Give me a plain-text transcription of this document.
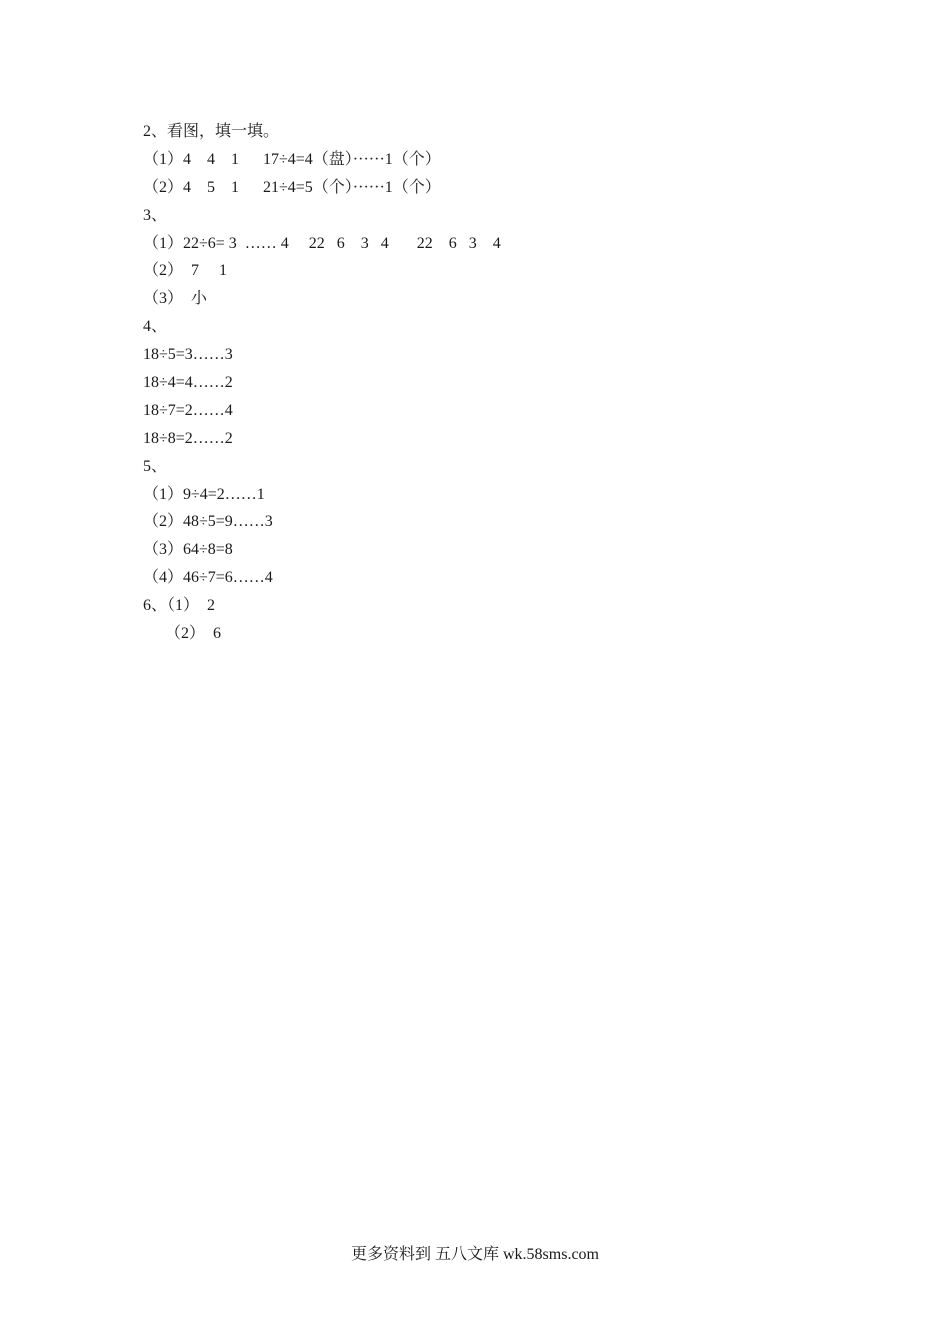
2、看图，填一填。
（1）4    4    1      17÷4=4（盘）······1（个）
（2）4    5    1      21÷4=5（个）······1（个）
3、
（1）22÷6= 3  …… 4     22   6    3   4       22    6   3    4
（2）  7     1
（3）  小
4、
18÷5=3……3
18÷4=4……2
18÷7=2……4
18÷8=2……2
5、
（1）9÷4=2……1
（2）48÷5=9……3
（3）64÷8=8
（4）46÷7=6……4
6、（1）  2
（2）  6
更多资料到 五八文库 wk.58sms.com
